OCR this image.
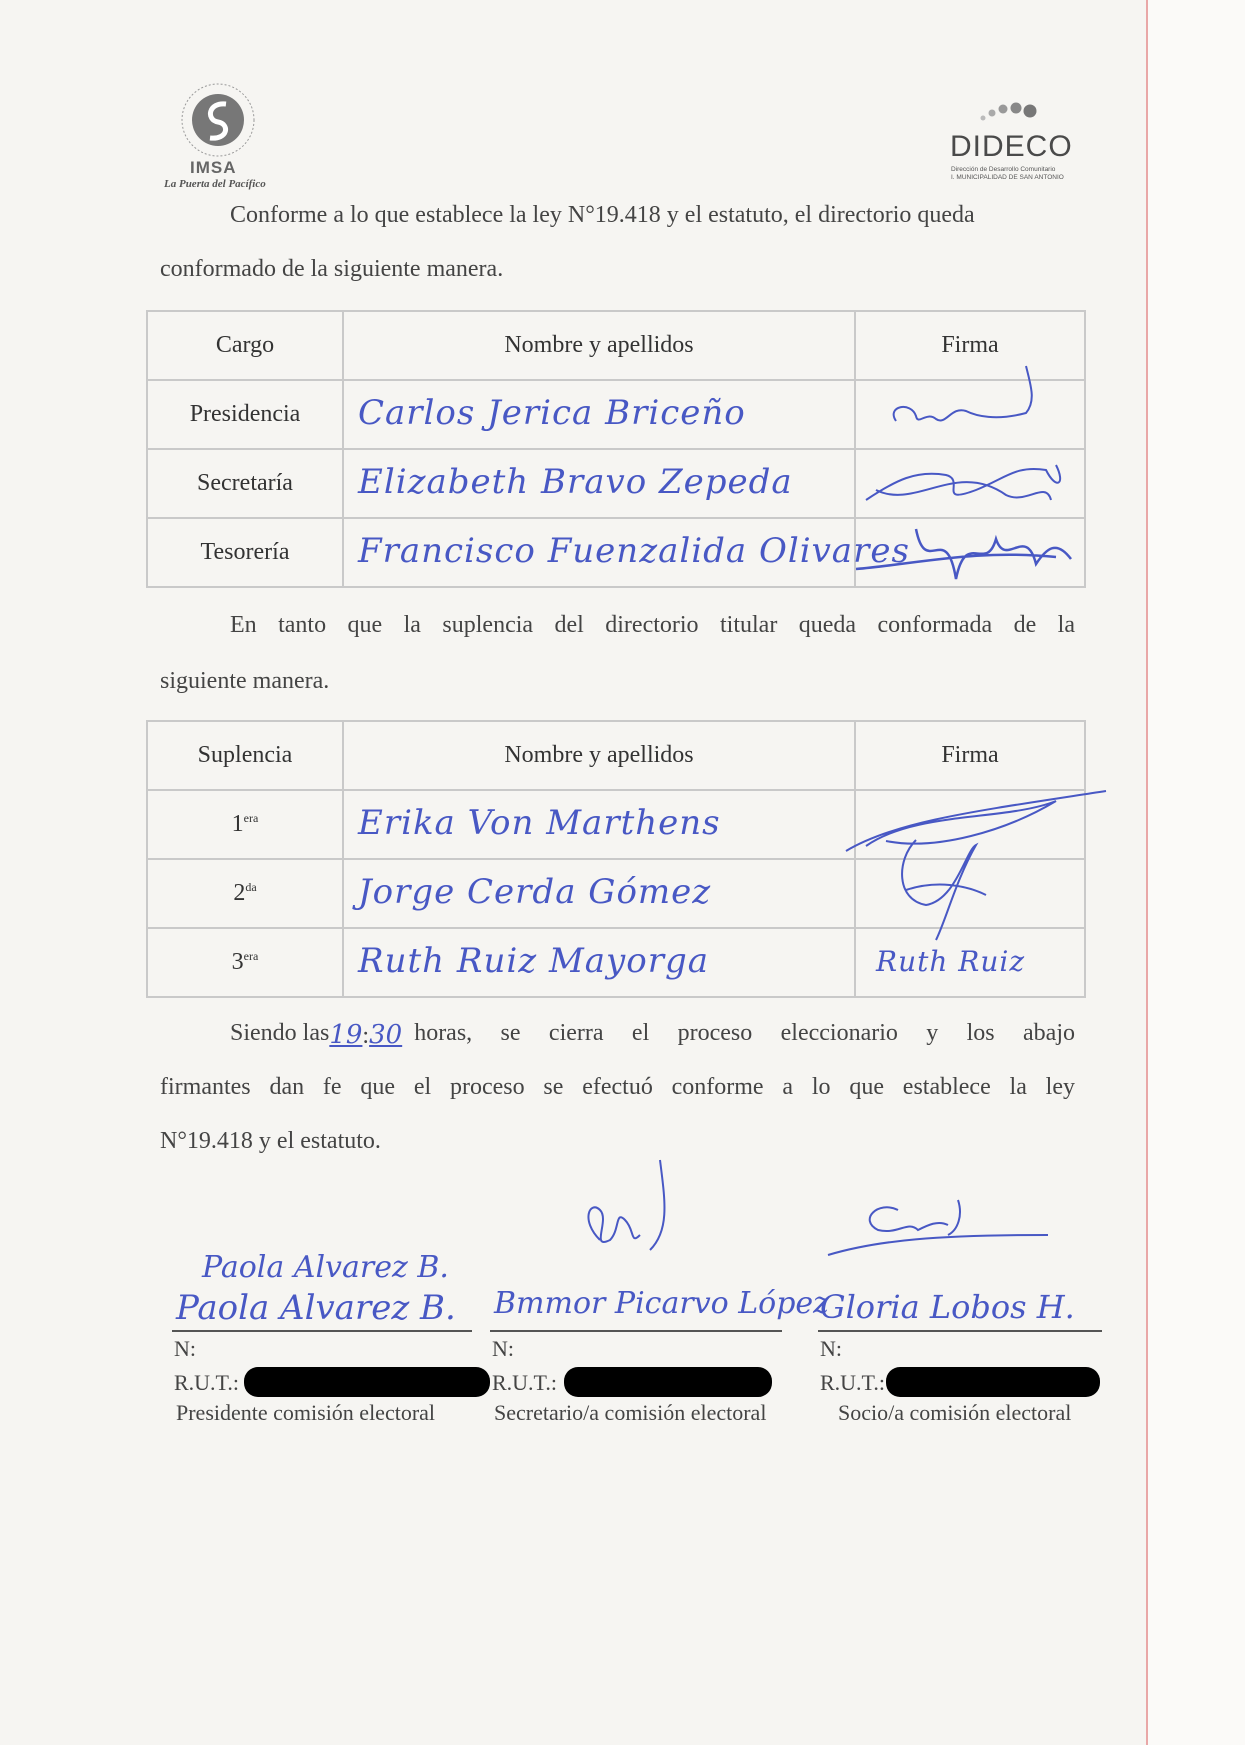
IMSA
La Puerta del Pacífico
DIDECO
Dirección de Desarrollo Comunitario
I. MUNICIPALIDAD DE SAN ANTONIO
Conforme a lo que establece la ley N°19.418 y el estatuto, el directorio queda
conformado de la siguiente manera.
Cargo	Nombre y apellidos	Firma
Presidencia	Carlos Jerica Briceño

Secretaría	Elizabeth Bravo Zepeda

Tesorería	Francisco Fuenzalida Olivares

En tanto que la suplencia del directorio titular queda conformada de la
siguiente manera.
Suplencia	Nombre y apellidos	Firma
$1^{era}$	Erika Von Marthens

$2^{da}$	Jorge Cerda Gómez

$3^{era}$	Ruth Ruiz Mayorga	Ruth Ruiz
Siendo las 19:30 horas, se cierra el proceso eleccionario y los abajo
firmantes dan fe que el proceso se efectuó conforme a lo que establece la ley
N°19.418 y el estatuto.
Paola Alvarez B.
Paola Alvarez B.
N:
R.U.T.:
Presidente comisión electoral
Bmmor Picarvo López
N:
R.U.T.:
Secretario/a comisión electoral
Gloria Lobos H.
N:
R.U.T.:
Socio/a comisión electoral
